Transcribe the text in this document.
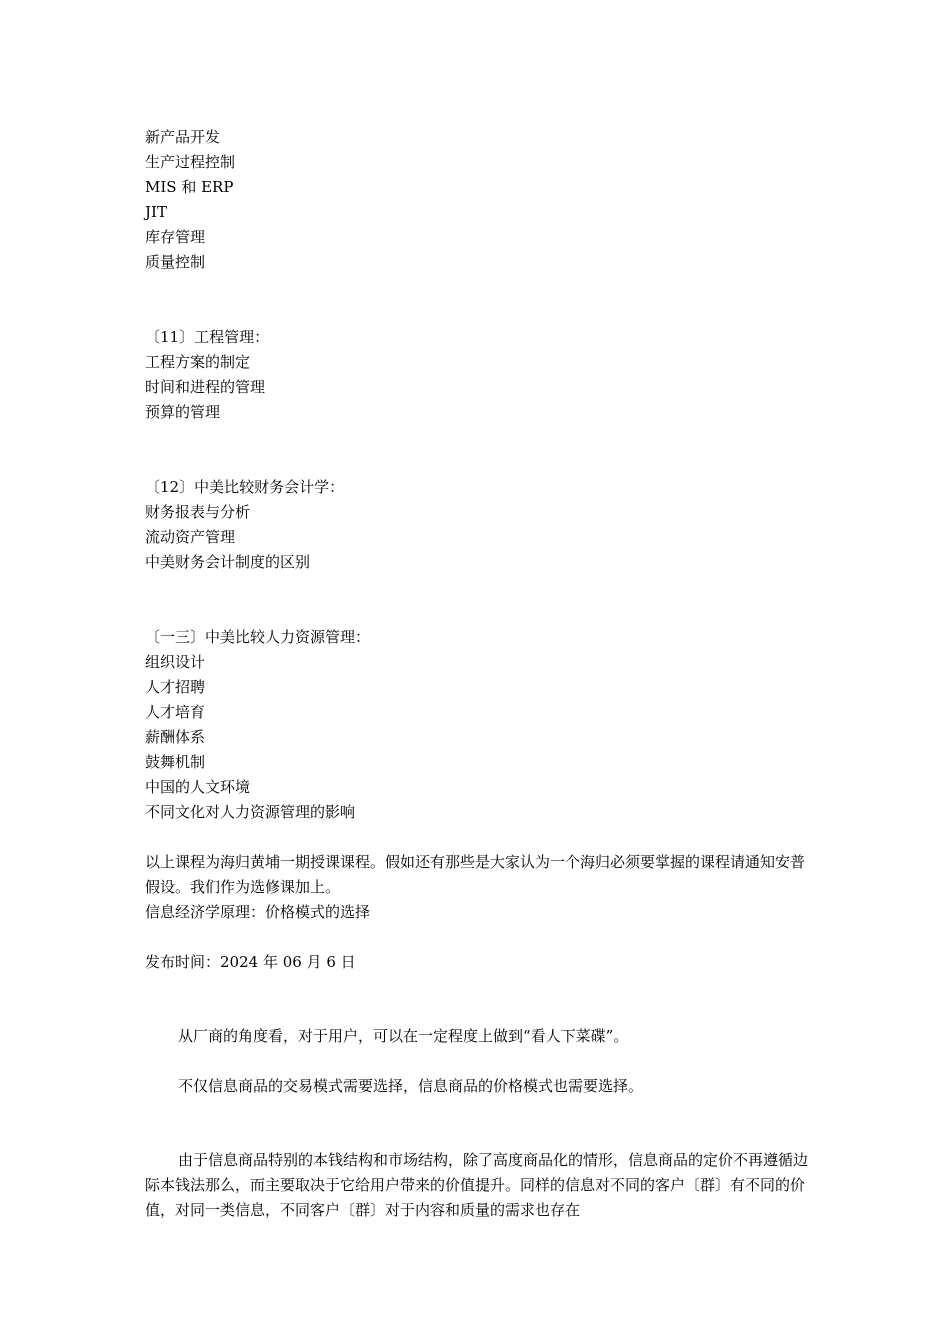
新产品开发
生产过程控制
MIS 和 ERP
JIT
库存管理
质量控制
〔11〕工程管理：
工程方案的制定
时间和进程的管理
预算的管理
〔12〕中美比较财务会计学：
财务报表与分析
流动资产管理
中美财务会计制度的区别
〔一三〕中美比较人力资源管理：
组织设计
人才招聘
人才培育
薪酬体系
鼓舞机制
中国的人文环境
不同文化对人力资源管理的影响
以上课程为海归黄埔一期授课课程。假如还有那些是大家认为一个海归必须要掌握的课程请通知安普假设。我们作为选修课加上。
信息经济学原理：价格模式的选择
发布时间：2024 年 06 月 6 日
从厂商的角度看，对于用户，可以在一定程度上做到“看人下菜碟”。
不仅信息商品的交易模式需要选择，信息商品的价格模式也需要选择。
由于信息商品特别的本钱结构和市场结构，除了高度商品化的情形，信息商品的定价不再遵循边际本钱法那么，而主要取决于它给用户带来的价值提升。同样的信息对不同的客户〔群〕有不同的价值，对同一类信息，不同客户〔群〕对于内容和质量的需求也存在
